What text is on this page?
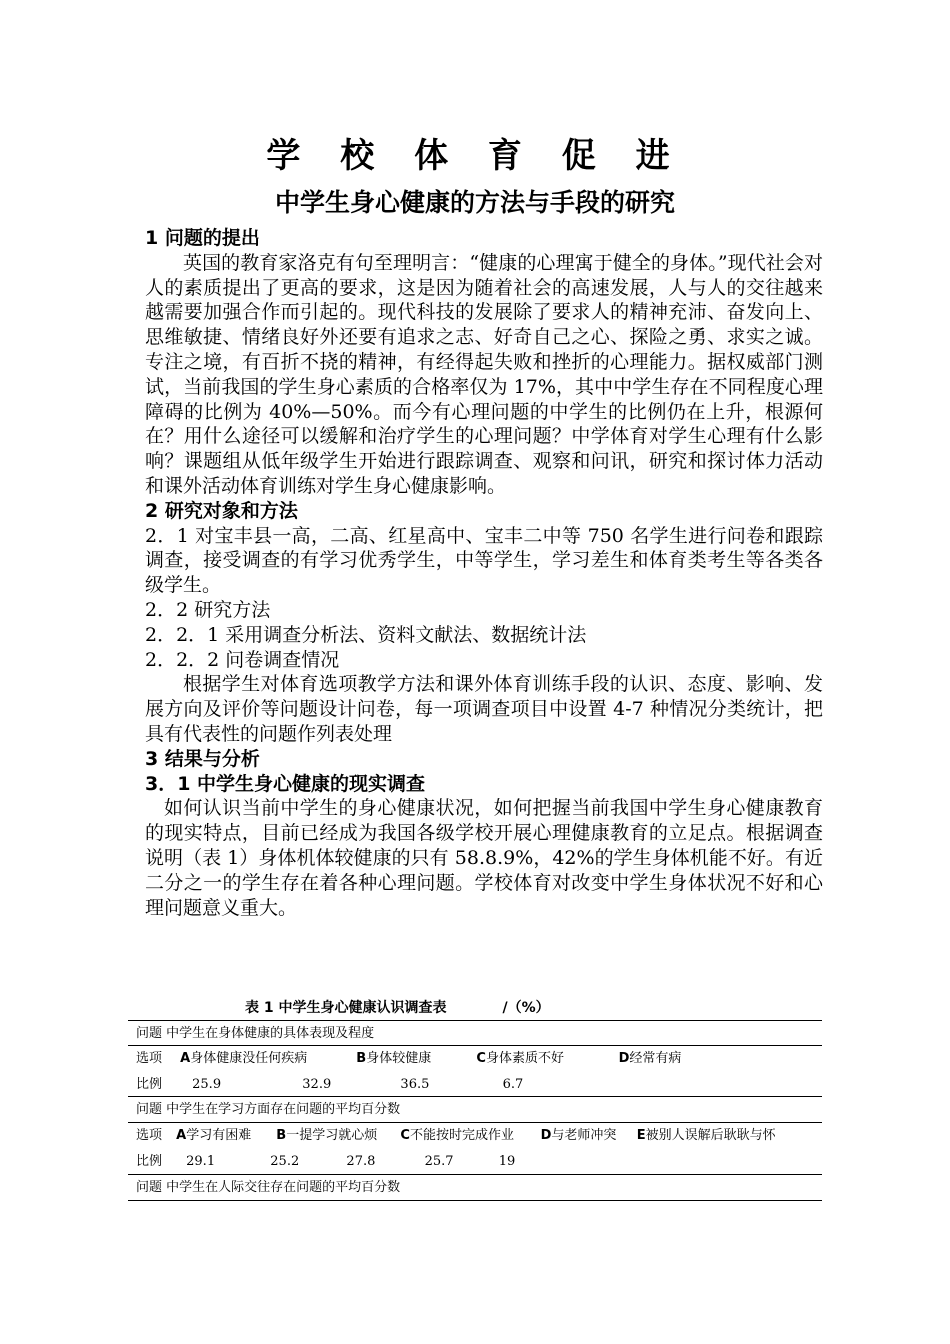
学 校 体 育 促 进
中学生身心健康的方法与手段的研究

1 问题的提出

英国的教育家洛克有句至理明言：“健康的心理寓于健全的身体。”现代社会对人的素质提出了更高的要求，这是因为随着社会的高速发展，人与人的交往越来越需要加强合作而引起的。现代科技的发展除了要求人的精神充沛、奋发向上、思维敏捷、情绪良好外还要有追求之志、好奇自己之心、探险之勇、求实之诚。专注之境，有百折不挠的精神，有经得起失败和挫折的心理能力。据权威部门测试，当前我国的学生身心素质的合格率仅为 17%，其中中学生存在不同程度心理障碍的比例为 40%—50%。而今有心理问题的中学生的比例仍在上升，根源何在？用什么途径可以缓解和治疗学生的心理问题？中学体育对学生心理有什么影响？课题组从低年级学生开始进行跟踪调查、观察和问讯，研究和探讨体力活动和课外活动体育训练对学生身心健康影响。

2 研究对象和方法

2．1 对宝丰县一高，二高、红星高中、宝丰二中等 750 名学生进行问卷和跟踪调查，接受调查的有学习优秀学生，中等学生，学习差生和体育类考生等各类各级学生。

2．2 研究方法

2．2．1 采用调查分析法、资料文献法、数据统计法

2．2．2 问卷调查情况

根据学生对体育选项教学方法和课外体育训练手段的认识、态度、影响、发展方向及评价等问题设计问卷，每一项调查项目中设置 4-7 种情况分类统计，把具有代表性的问题作列表处理

3 结果与分析

3．1 中学生身心健康的现实调查

如何认识当前中学生的身心健康状况，如何把握当前我国中学生身心健康教育的现实特点，目前已经成为我国各级学校开展心理健康教育的立足点。根据调查说明（表 1）身体机体较健康的只有 58.8.9%，42%的学生身体机能不好。有近二分之一的学生存在着各种心理问题。学校体育对改变中学生身体状况不好和心理问题意义重大。

表 1 中学生身心健康认识调查表	/（%）
问题 中学生在身体健康的具体表现及程度
选项 A身体健康没任何疾病	B身体较健康	C身体素质不好	D经常有病
比例 25.9	32.9	36.5	6.7
问题 中学生在学习方面存在问题的平均百分数
选项 A学习有困难 B一提学习就心烦 C不能按时完成作业 D与老师冲突 E被别人误解后耿耿与怀
比例 29.1	25.2	27.8	25.7	19
问题 中学生在人际交往存在问题的平均百分数
